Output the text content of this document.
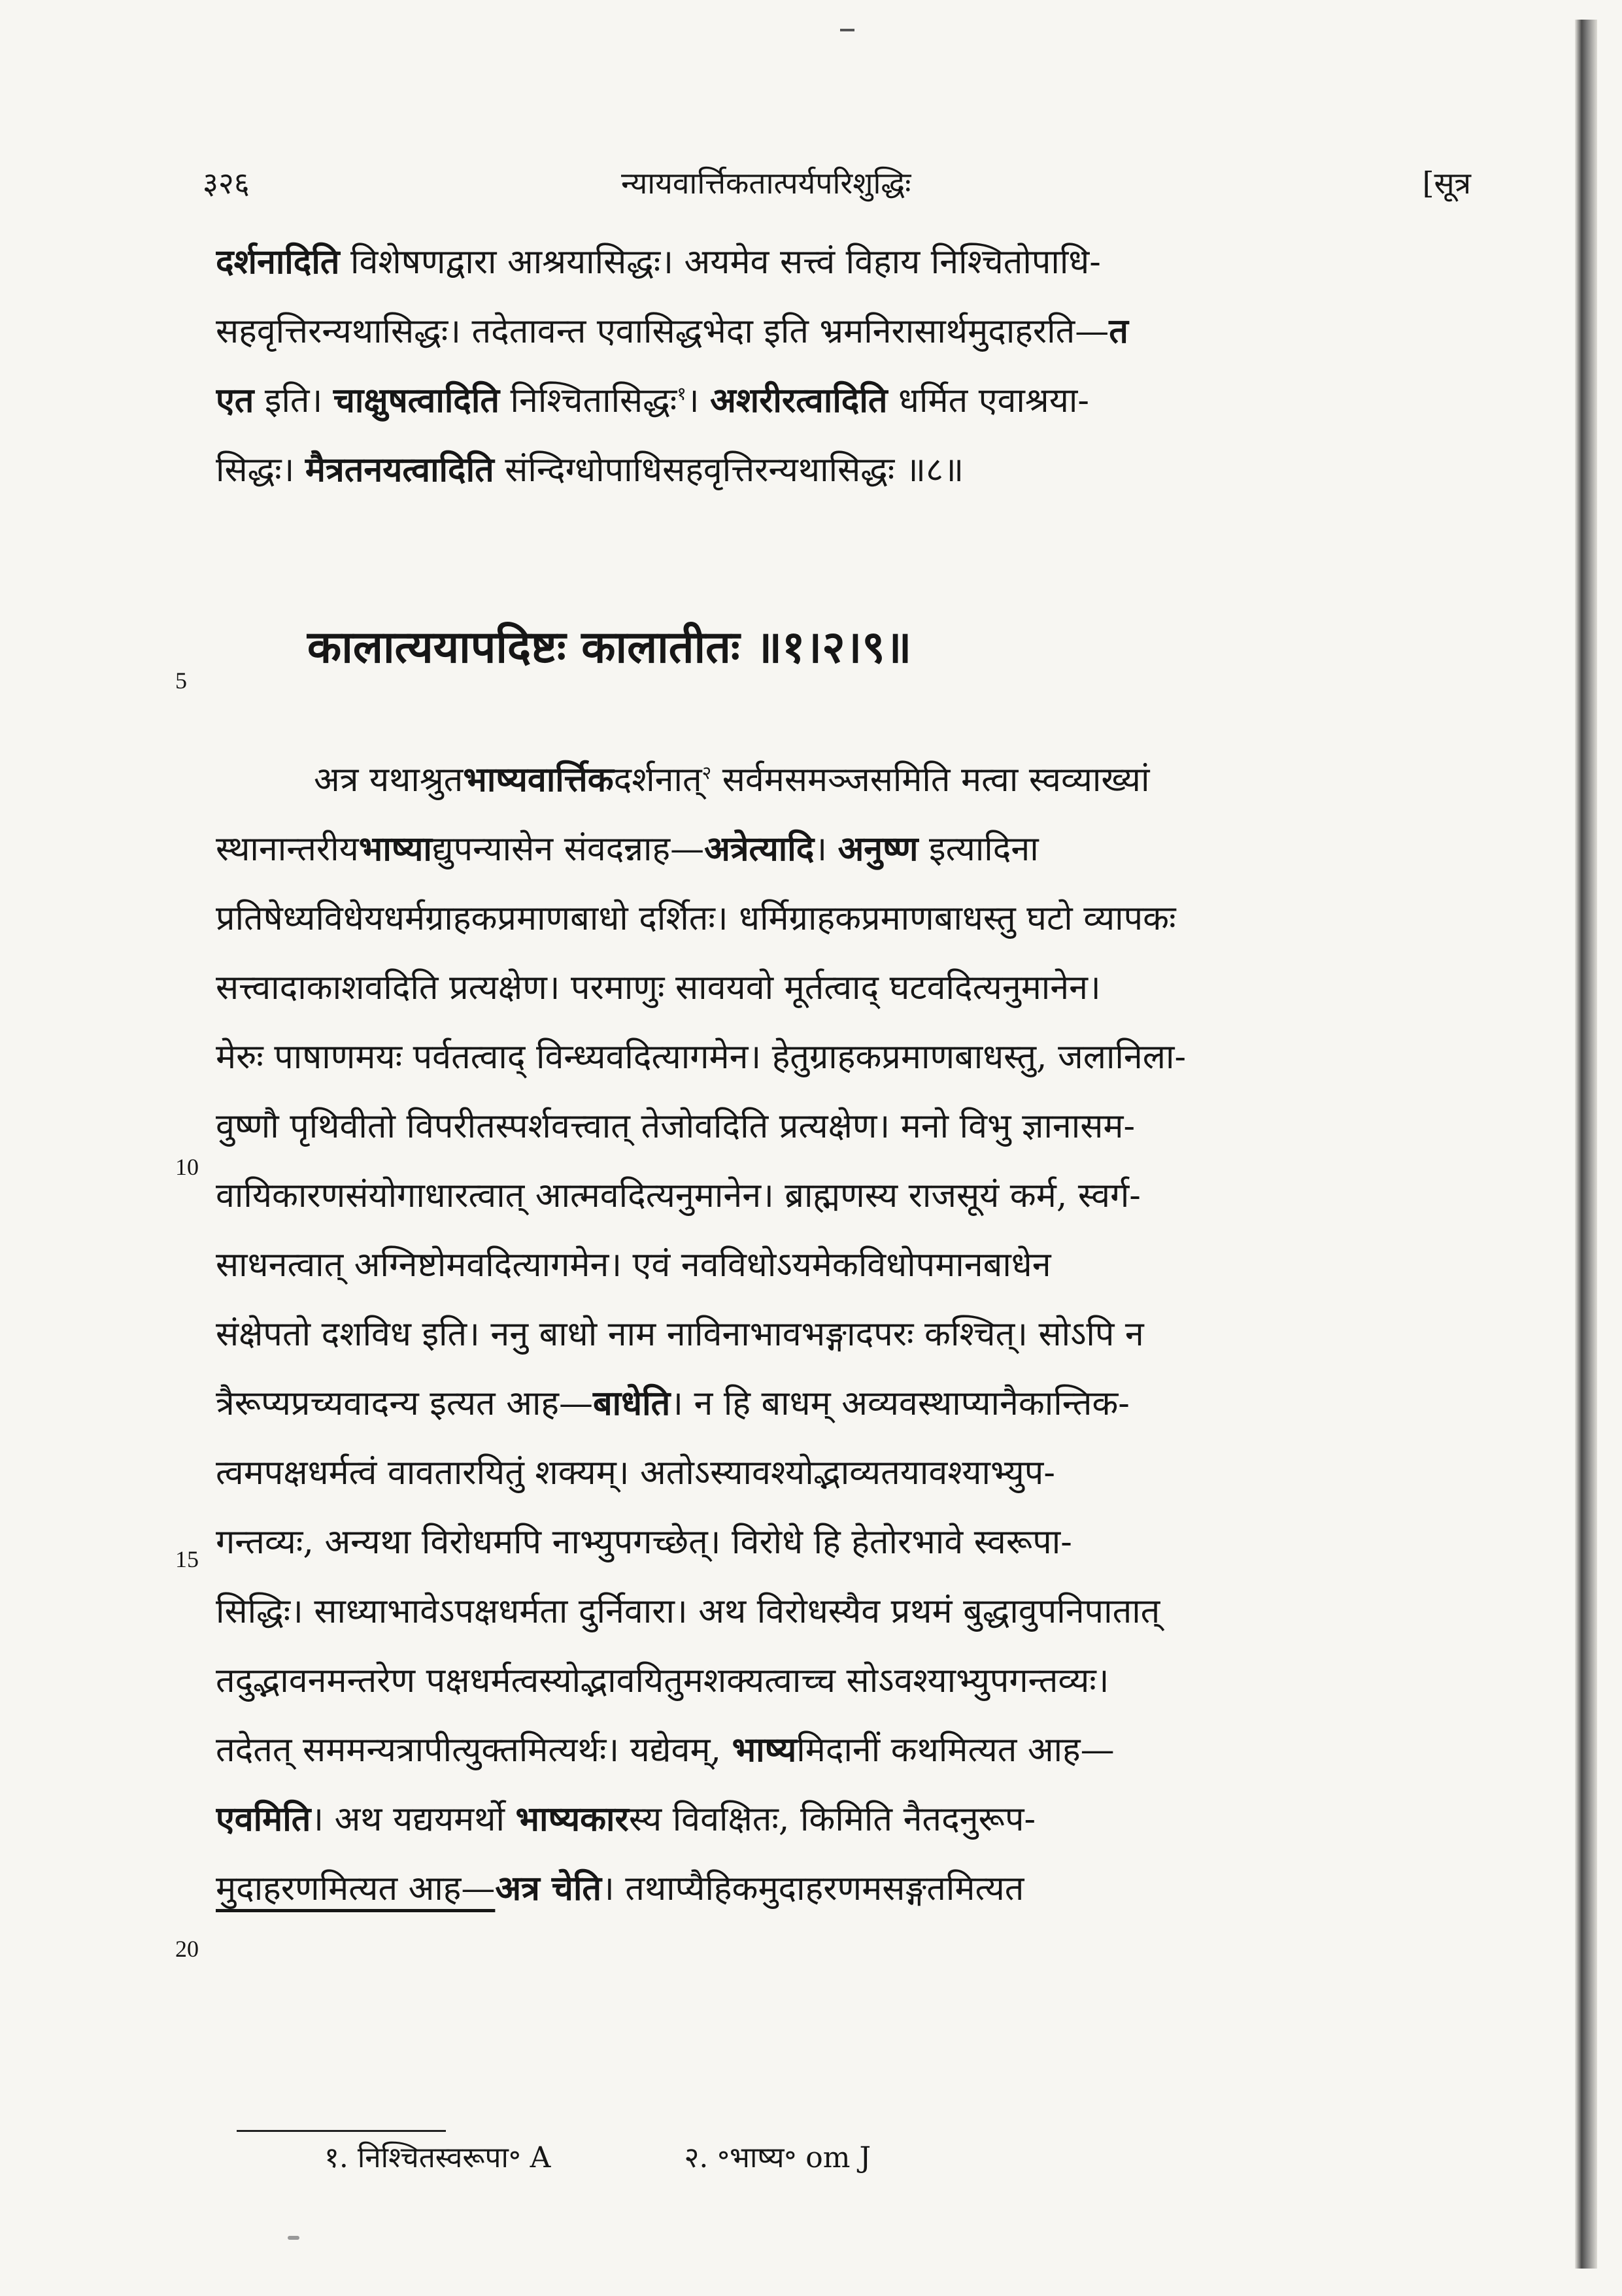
३२६	न्यायवार्त्तिकतात्पर्यपरिशुद्धिः	[सूत्र
दर्शनादिति विशेषणद्वारा आश्रयासिद्धः। अयमेव सत्त्वं विहाय निश्चितोपाधि-
सहवृत्तिरन्यथासिद्धः। तदेतावन्त एवासिद्धभेदा इति भ्रमनिरासार्थमुदाहरति—त
एत इति। चाक्षुषत्वादिति निश्चितासिद्धः$^१$। अशरीरत्वादिति धर्मित एवाश्रया-
सिद्धः। मैत्रतनयत्वादिति संन्दिग्धोपाधिसहवृत्तिरन्यथासिद्धः ॥८॥
कालात्ययापदिष्टः कालातीतः ॥१।२।९॥
5
10
15
20
अत्र यथाश्रुतभाष्यवार्त्तिकदर्शनात्$^२$ सर्वमसमञ्जसमिति मत्वा स्वव्याख्यां
स्थानान्तरीयभाष्याद्युपन्यासेन संवदन्नाह—अत्रेत्यादि। अनुष्ण इत्यादिना
प्रतिषेध्यविधेयधर्मग्राहकप्रमाणबाधो दर्शितः। धर्मिग्राहकप्रमाणबाधस्तु घटो व्यापकः
सत्त्वादाकाशवदिति प्रत्यक्षेण। परमाणुः सावयवो मूर्तत्वाद् घटवदित्यनुमानेन।
मेरुः पाषाणमयः पर्वतत्वाद् विन्ध्यवदित्यागमेन। हेतुग्राहकप्रमाणबाधस्तु, जलानिला-
वुष्णौ पृथिवीतो विपरीतस्पर्शवत्त्वात् तेजोवदिति प्रत्यक्षेण। मनो विभु ज्ञानासम-
वायिकारणसंयोगाधारत्वात् आत्मवदित्यनुमानेन। ब्राह्मणस्य राजसूयं कर्म, स्वर्ग-
साधनत्वात् अग्निष्टोमवदित्यागमेन। एवं नवविधोऽयमेकविधोपमानबाधेन
संक्षेपतो दशविध इति। ननु बाधो नाम नाविनाभावभङ्गादपरः कश्चित्। सोऽपि न
त्रैरूप्यप्रच्यवादन्य इत्यत आह—बाधेति। न हि बाधम् अव्यवस्थाप्यानैकान्तिक-
त्वमपक्षधर्मत्वं वावतारयितुं शक्यम्। अतोऽस्यावश्योद्भाव्यतयावश्याभ्युप-
गन्तव्यः, अन्यथा विरोधमपि नाभ्युपगच्छेत्। विरोधे हि हेतोरभावे स्वरूपा-
सिद्धिः। साध्याभावेऽपक्षधर्मता दुर्निवारा। अथ विरोधस्यैव प्रथमं बुद्धावुपनिपातात्
तदुद्भावनमन्तरेण पक्षधर्मत्वस्योद्भावयितुमशक्यत्वाच्च सोऽवश्याभ्युपगन्तव्यः।
तदेतत् सममन्यत्रापीत्युक्तमित्यर्थः। यद्येवम्, भाष्यमिदानीं कथमित्यत आह—
एवमिति। अथ यद्ययमर्थो भाष्यकारस्य विवक्षितः, किमिति नैतदनुरूप-
मुदाहरणमित्यत आह—अत्र चेति। तथाप्यैहिकमुदाहरणमसङ्गतमित्यत
१. निश्चितस्वरूपा॰ A	२. ॰भाष्य॰ om J
